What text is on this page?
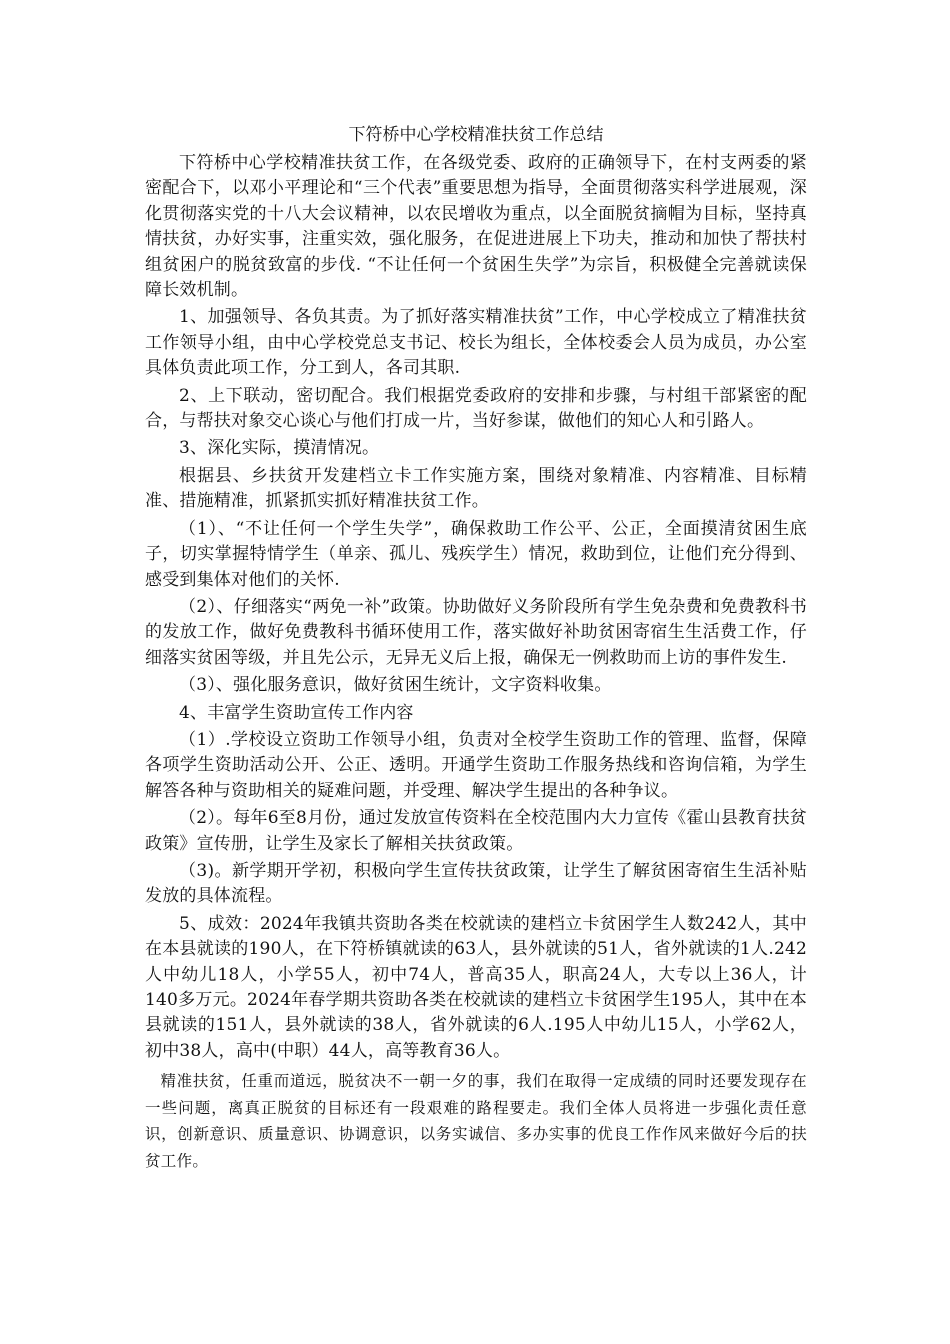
下符桥中心学校精准扶贫工作总结

下符桥中心学校精准扶贫工作，在各级党委、政府的正确领导下，在村支两委的紧密配合下，以邓小平理论和“三个代表”重要思想为指导，全面贯彻落实科学进展观，深化贯彻落实党的十八大会议精神，以农民增收为重点，以全面脱贫摘帽为目标，坚持真情扶贫，办好实事，注重实效，强化服务，在促进进展上下功夫，推动和加快了帮扶村组贫困户的脱贫致富的步伐. “不让任何一个贫困生失学”为宗旨，积极健全完善就读保障长效机制。

1、加强领导、各负其责。为了抓好落实精准扶贫”工作，中心学校成立了精准扶贫工作领导小组，由中心学校党总支书记、校长为组长，全体校委会人员为成员，办公室具体负责此项工作，分工到人，各司其职.

2、上下联动，密切配合。我们根据党委政府的安排和步骤，与村组干部紧密的配合，与帮扶对象交心谈心与他们打成一片，当好参谋，做他们的知心人和引路人。

3、深化实际，摸清情况。

根据县、乡扶贫开发建档立卡工作实施方案，围绕对象精准、内容精准、目标精准、措施精准，抓紧抓实抓好精准扶贫工作。

（1）、“不让任何一个学生失学”，确保救助工作公平、公正，全面摸清贫困生底子，切实掌握特情学生（单亲、孤儿、残疾学生）情况，救助到位，让他们充分得到、感受到集体对他们的关怀.

（2）、仔细落实“两免一补”政策。协助做好义务阶段所有学生免杂费和免费教科书的发放工作，做好免费教科书循环使用工作，落实做好补助贫困寄宿生生活费工作，仔细落实贫困等级，并且先公示，无异无义后上报，确保无一例救助而上访的事件发生.

（3）、强化服务意识，做好贫困生统计，文字资料收集。

4、丰富学生资助宣传工作内容

（1）.学校设立资助工作领导小组，负责对全校学生资助工作的管理、监督，保障各项学生资助活动公开、公正、透明。开通学生资助工作服务热线和咨询信箱，为学生解答各种与资助相关的疑难问题，并受理、解决学生提出的各种争议。

（2）。每年6至8月份，通过发放宣传资料在全校范围内大力宣传《霍山县教育扶贫政策》宣传册，让学生及家长了解相关扶贫政策。

（3)。新学期开学初，积极向学生宣传扶贫政策，让学生了解贫困寄宿生生活补贴发放的具体流程。

5、成效：2024年我镇共资助各类在校就读的建档立卡贫困学生人数242人，其中在本县就读的190人，在下符桥镇就读的63人，县外就读的51人，省外就读的1人.242人中幼儿18人，小学55人，初中74人，普高35人，职高24人，大专以上36人，计140多万元。2024年春学期共资助各类在校就读的建档立卡贫困学生195人，其中在本县就读的151人，县外就读的38人，省外就读的6人.195人中幼儿15人，小学62人，初中38人，高中(中职）44人，高等教育36人。

精准扶贫，任重而道远，脱贫决不一朝一夕的事，我们在取得一定成绩的同时还要发现存在一些问题，离真正脱贫的目标还有一段艰难的路程要走。我们全体人员将进一步强化责任意识，创新意识、质量意识、协调意识，以务实诚信、多办实事的优良工作作风来做好今后的扶贫工作。
